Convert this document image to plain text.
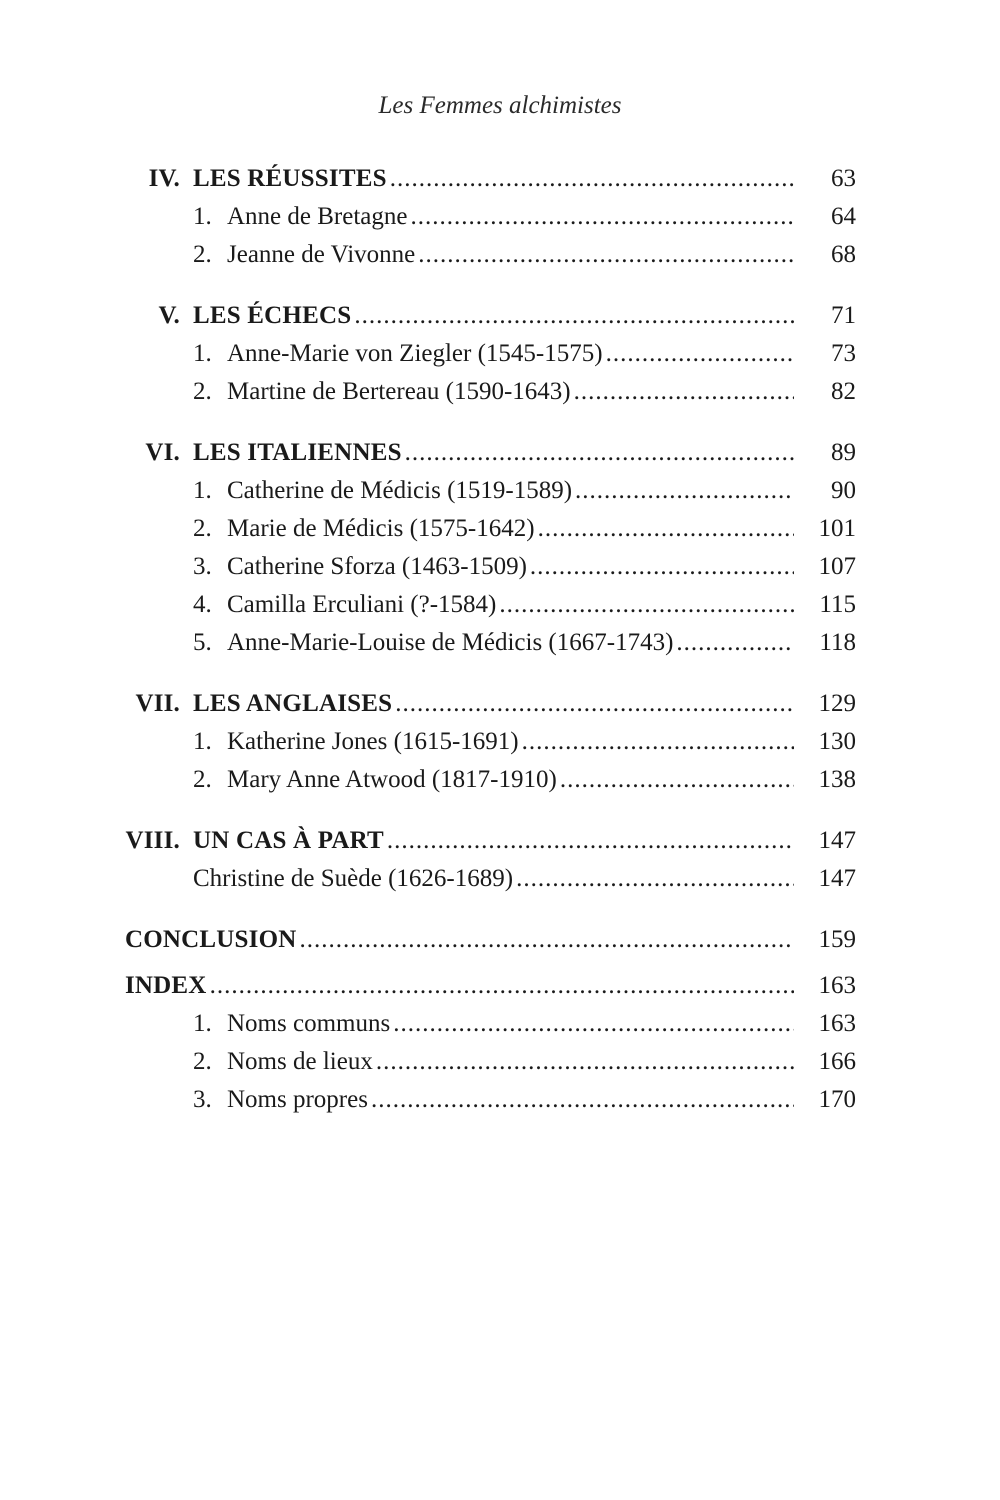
Les Femmes alchimistes
IV. LES RÉUSSITES .....	63
1. Anne de Bretagne .....	64
2. Jeanne de Vivonne .....	68
V. LES ÉCHECS .....	71
1. Anne-Marie von Ziegler (1545-1575) .....	73
2. Martine de Bertereau (1590-1643) .....	82
VI. LES ITALIENNES .....	89
1. Catherine de Médicis (1519-1589) .....	90
2. Marie de Médicis (1575-1642) .....	101
3. Catherine Sforza (1463-1509) .....	107
4. Camilla Erculiani (?-1584) .....	115
5. Anne-Marie-Louise de Médicis (1667-1743) .....	118
VII. LES ANGLAISES .....	129
1. Katherine Jones (1615-1691) .....	130
2. Mary Anne Atwood (1817-1910) .....	138
VIII. UN CAS À PART .....	147
Christine de Suède (1626-1689) .....	147
CONCLUSION .....	159
INDEX .....	163
1. Noms communs .....	163
2. Noms de lieux .....	166
3. Noms propres .....	170
